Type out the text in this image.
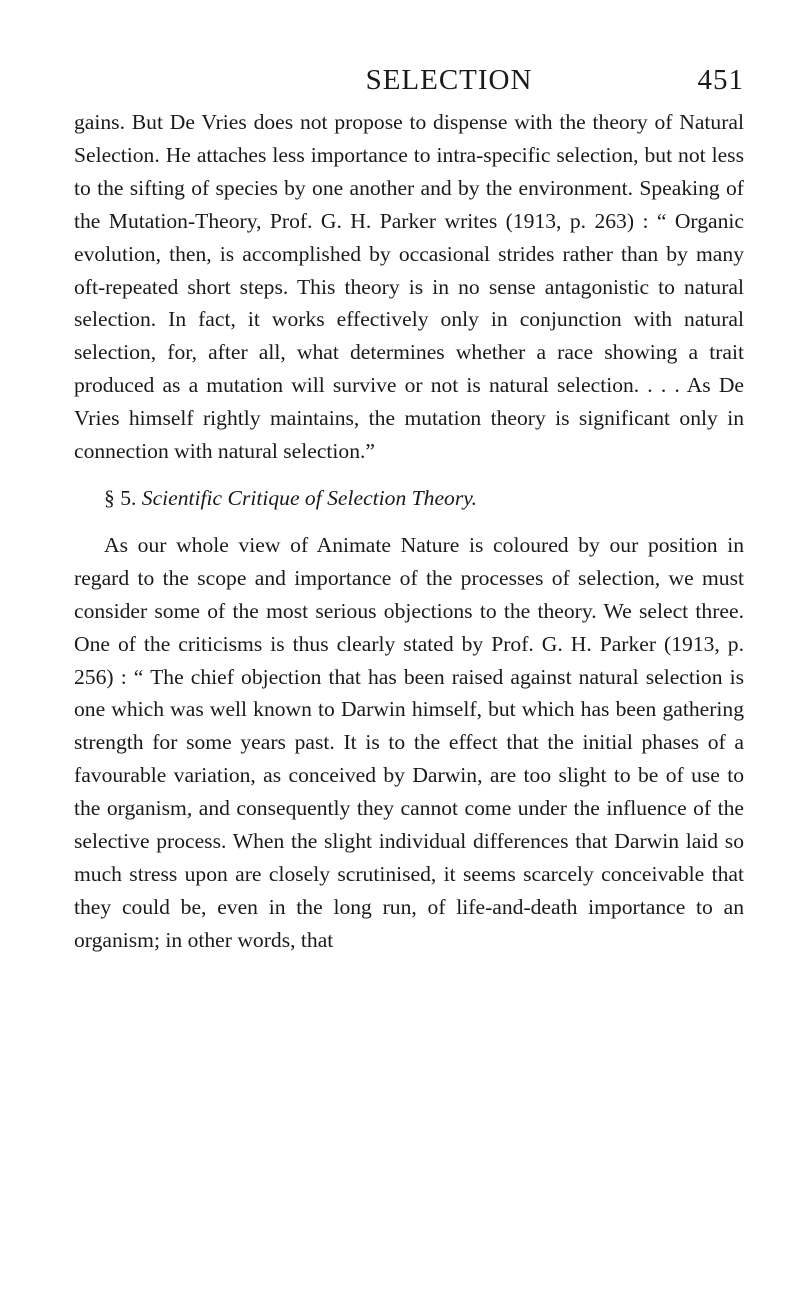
SELECTION	451

gains. But De Vries does not propose to dispense with the theory of Natural Selection. He attaches less importance to intra-specific selection, but not less to the sifting of species by one another and by the environment. Speaking of the Mutation-Theory, Prof. G. H. Parker writes (1913, p. 263) : “ Organic evolution, then, is accomplished by occasional strides rather than by many oft-repeated short steps. This theory is in no sense antagonistic to natural selection. In fact, it works effectively only in conjunction with natural selection, for, after all, what determines whether a race showing a trait produced as a mutation will survive or not is natural selection. . . . As De Vries himself rightly maintains, the mutation theory is significant only in connection with natural selection.”

§ 5. Scientific Critique of Selection Theory.

As our whole view of Animate Nature is coloured by our position in regard to the scope and importance of the processes of selection, we must consider some of the most serious objections to the theory. We select three. One of the criticisms is thus clearly stated by Prof. G. H. Parker (1913, p. 256) : “ The chief objection that has been raised against natural selection is one which was well known to Darwin himself, but which has been gathering strength for some years past. It is to the effect that the initial phases of a favourable variation, as conceived by Darwin, are too slight to be of use to the organism, and consequently they cannot come under the influence of the selective process. When the slight individual differences that Darwin laid so much stress upon are closely scrutinised, it seems scarcely conceivable that they could be, even in the long run, of life-and-death importance to an organism; in other words, that
